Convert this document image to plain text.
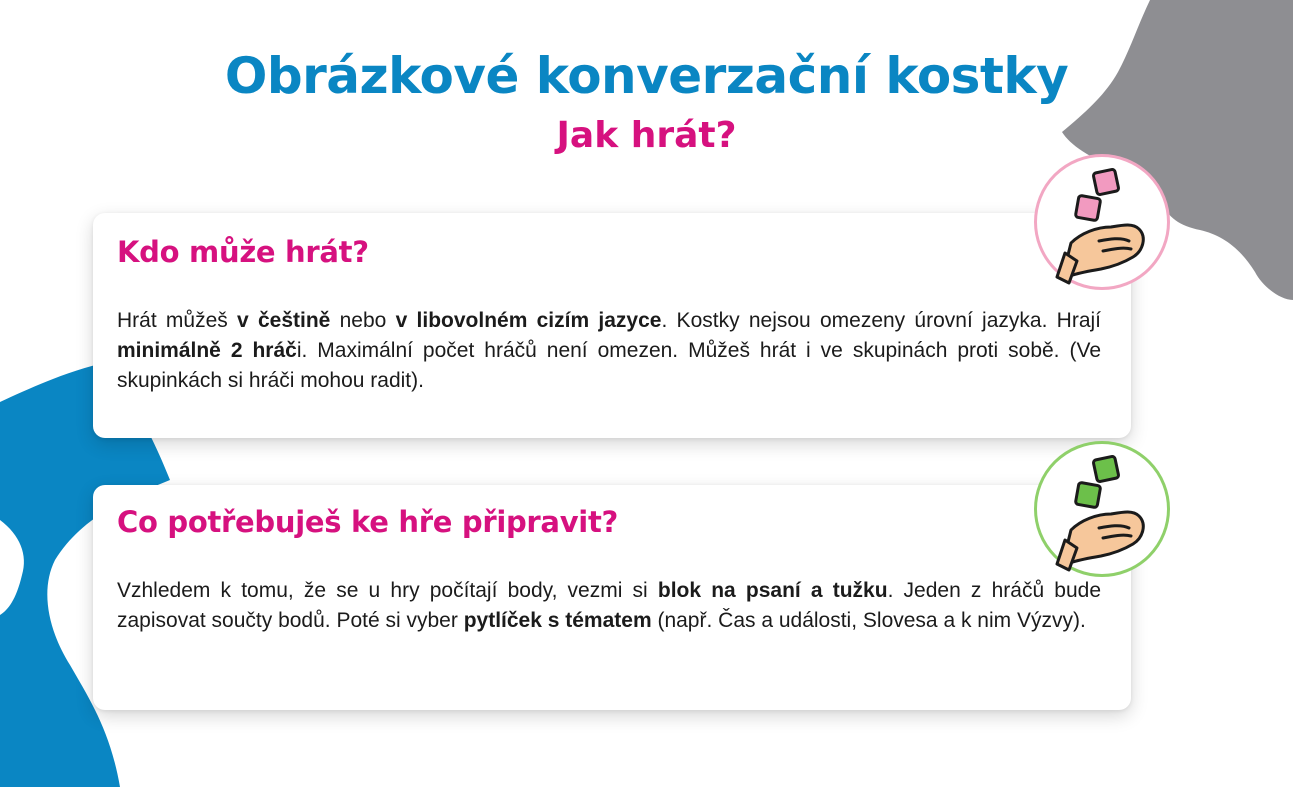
Obrázkové konverzační kostky
Jak hrát?
Kdo může hrát?

Hrát můžeš v češtině nebo v libovolném cizím jazyce. Kostky nejsou omezeny úrovní jazyka. Hrají minimálně 2 hráči. Maximální počet hráčů není omezen. Můžeš hrát i ve skupinách proti sobě. (Ve skupinkách si hráči mohou radit).

Co potřebuješ ke hře připravit?

Vzhledem k tomu, že se u hry počítají body, vezmi si blok na psaní a tužku. Jeden z hráčů bude zapisovat součty bodů. Poté si vyber pytlíček s tématem (např. Čas a události, Slovesa a k nim Výzvy).
